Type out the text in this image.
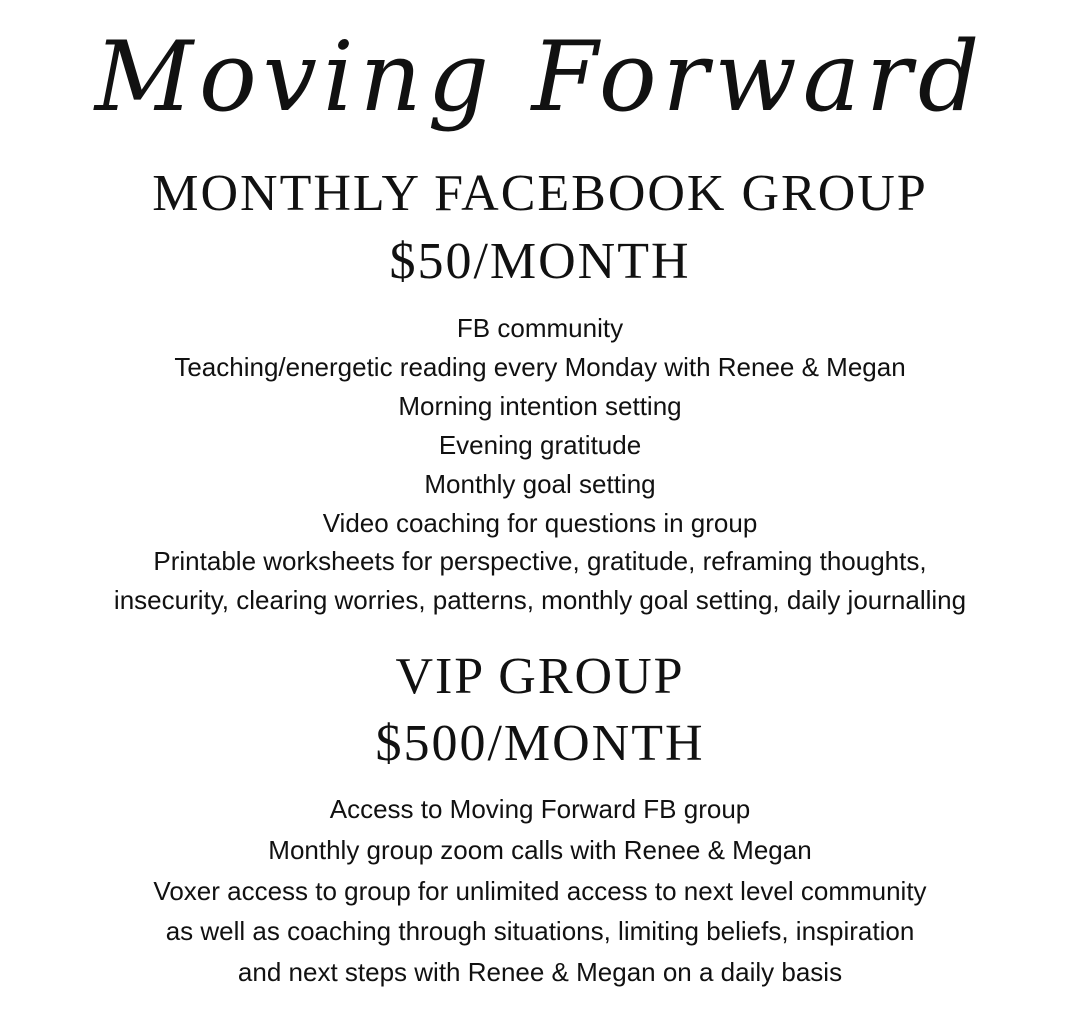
Moving Forward
MONTHLY FACEBOOK GROUP
$50/MONTH
FB community
Teaching/energetic reading every Monday with Renee & Megan
Morning intention setting
Evening gratitude
Monthly goal setting
Video coaching for questions in group
Printable worksheets for perspective, gratitude, reframing thoughts,
insecurity, clearing worries, patterns, monthly goal setting, daily journalling
VIP GROUP
$500/MONTH
Access to Moving Forward FB group
Monthly group zoom calls with Renee & Megan
Voxer access to group for unlimited access to next level community
as well as coaching through situations, limiting beliefs, inspiration
and next steps with Renee & Megan on a daily basis
